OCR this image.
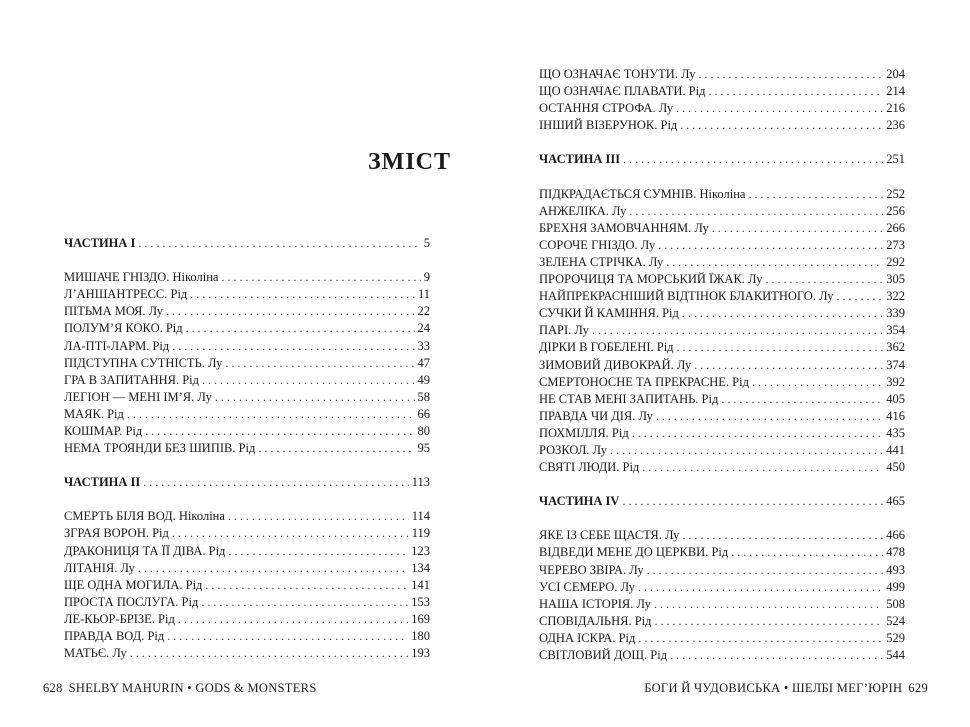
ЗМІСТ
ЧАСТИНА I . . .	5
МИШАЧЕ ГНІЗДО. Ніколіна . . .	9
Л’АНШАНТРЕСС. Рід . . .	11
ПІТЬМА МОЯ. Лу . . .	22
ПОЛУМ’Я КОКО. Рід . . .	24
ЛА-ПТІ-ЛАРМ. Рід . . .	33
ПІДСТУПНА СУТНІСТЬ. Лу . . .	47
ГРА В ЗАПИТАННЯ. Рід . . .	49
ЛЕГІОН — МЕНІ ІМ’Я. Лу . . .	58
МАЯК. Рід . . .	66
КОШМАР. Рід . . .	80
НЕМА ТРОЯНДИ БЕЗ ШИПІВ. Рід . . .	95
ЧАСТИНА II . . .	113
СМЕРТЬ БІЛЯ ВОД. Ніколіна . . .	114
ЗГРАЯ ВОРОН. Рід . . .	119
ДРАКОНИЦЯ ТА ЇЇ ДІВА. Рід . . .	123
ЛІТАНІЯ. Лу . . .	134
ЩЕ ОДНА МОГИЛА. Рід . . .	141
ПРОСТА ПОСЛУГА. Рід . . .	153
ЛЕ-КЬОР-БРІЗЕ. Рід . . .	169
ПРАВДА ВОД. Рід . . .	180
МАТЬЄ. Лу . . .	193
628 SHELBY MAHURIN • GODS & MONSTERS
ЩО ОЗНАЧАЄ ТОНУТИ. Лу . . .	204
ЩО ОЗНАЧАЄ ПЛАВАТИ. Рід . . .	214
ОСТАННЯ СТРОФА. Лу . . .	216
ІНШИЙ ВІЗЕРУНОК. Рід . . .	236
ЧАСТИНА III . . .	251
ПІДКРАДАЄТЬСЯ СУМНІВ. Ніколіна . . .	252
АНЖЕЛІКА. Лу . . .	256
БРЕХНЯ ЗАМОВЧАННЯМ. Лу . . .	266
СОРОЧЕ ГНІЗДО. Лу . . .	273
ЗЕЛЕНА СТРІЧКА. Лу . . .	292
ПРОРОЧИЦЯ ТА МОРСЬКИЙ ЇЖАК. Лу . . .	305
НАЙПРЕКРАСНІШИЙ ВІДТІНОК БЛАКИТНОГО. Лу . . .	322
СУЧКИ Й КАМІННЯ. Рід . . .	339
ПАРІ. Лу . . .	354
ДІРКИ В ГОБЕЛЕНІ. Рід . . .	362
ЗИМОВИЙ ДИВОКРАЙ. Лу . . .	374
СМЕРТОНОСНЕ ТА ПРЕКРАСНЕ. Рід . . .	392
НЕ СТАВ МЕНІ ЗАПИТАНЬ. Рід . . .	405
ПРАВДА ЧИ ДІЯ. Лу . . .	416
ПОХМІЛЛЯ. Рід . . .	435
РОЗКОЛ. Лу . . .	441
СВЯТІ ЛЮДИ. Рід . . .	450
ЧАСТИНА IV . . .	465
ЯКЕ ІЗ СЕБЕ ЩАСТЯ. Лу . . .	466
ВІДВЕДИ МЕНЕ ДО ЦЕРКВИ. Рід . . .	478
ЧЕРЕВО ЗВІРА. Лу . . .	493
УСІ СЕМЕРО. Лу . . .	499
НАША ІСТОРІЯ. Лу . . .	508
СПОВІДАЛЬНЯ. Рід . . .	524
ОДНА ІСКРА. Рід . . .	529
СВІТЛОВИЙ ДОЩ. Рід . . .	544
БОГИ Й ЧУДОВИСЬКА • ШЕЛБІ МЕГ’ЮРІН 629
